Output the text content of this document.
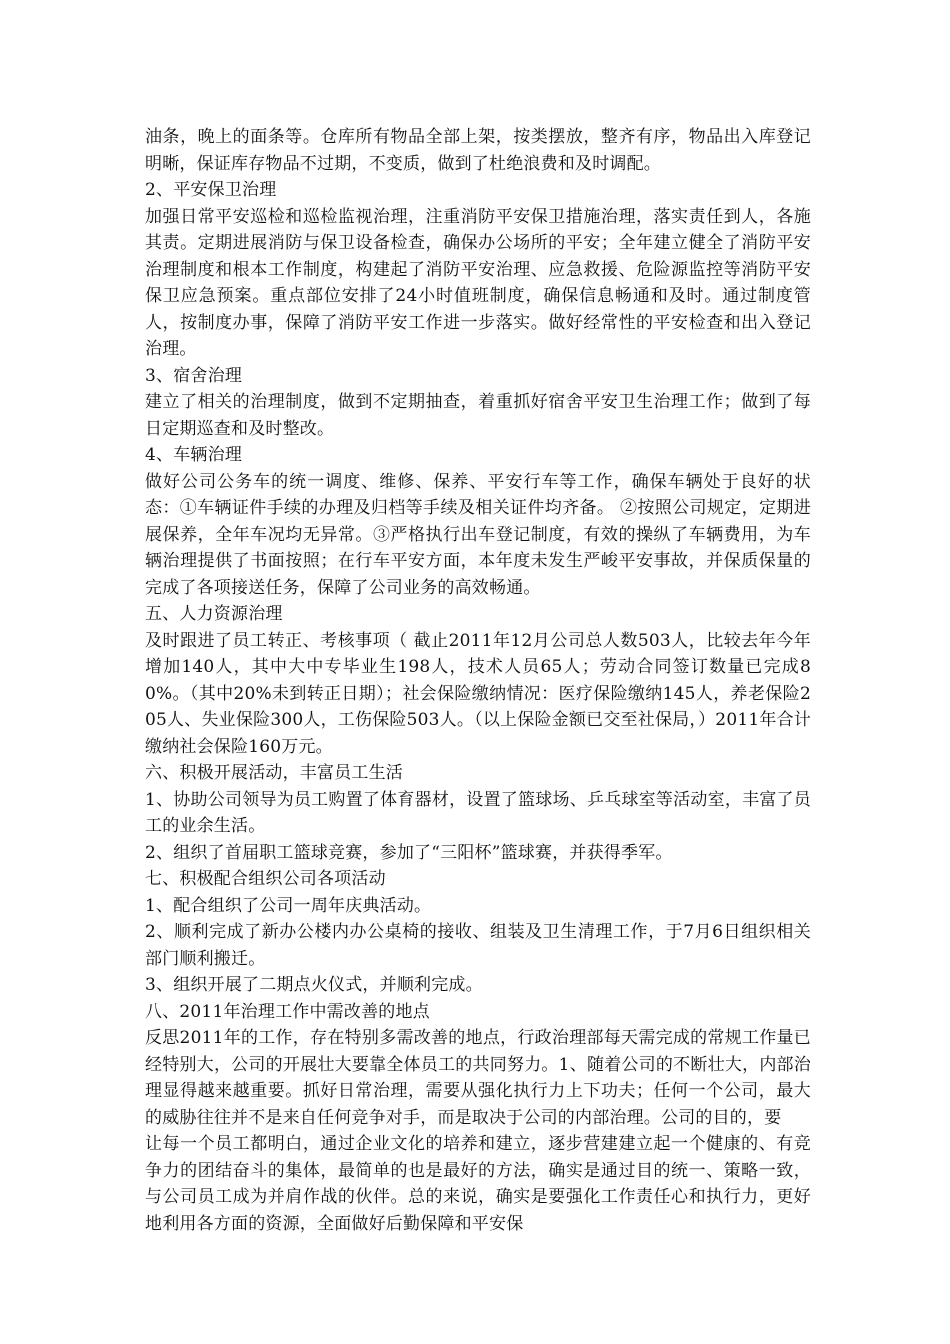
油条，晚上的面条等。仓库所有物品全部上架，按类摆放，整齐有序，物品出入库登记明晰，保证库存物品不过期，不变质，做到了杜绝浪费和及时调配。

2、平安保卫治理

加强日常平安巡检和巡检监视治理，注重消防平安保卫措施治理，落实责任到人，各施其责。定期进展消防与保卫设备检查，确保办公场所的平安；全年建立健全了消防平安治理制度和根本工作制度，构建起了消防平安治理、应急救援、危险源监控等消防平安保卫应急预案。重点部位安排了24小时值班制度，确保信息畅通和及时。通过制度管人，按制度办事，保障了消防平安工作进一步落实。做好经常性的平安检查和出入登记治理。

3、宿舍治理

建立了相关的治理制度，做到不定期抽查，着重抓好宿舍平安卫生治理工作；做到了每日定期巡查和及时整改。

4、车辆治理

做好公司公务车的统一调度、维修、保养、平安行车等工作，确保车辆处于良好的状态：①车辆证件手续的办理及归档等手续及相关证件均齐备。 ②按照公司规定，定期进展保养，全年车况均无异常。③严格执行出车登记制度，有效的操纵了车辆费用，为车辆治理提供了书面按照；在行车平安方面，本年度未发生严峻平安事故，并保质保量的完成了各项接送任务，保障了公司业务的高效畅通。

五、人力资源治理

及时跟进了员工转正、考核事项（ 截止2011年12月公司总人数503人，比较去年今年增加140人，其中大中专毕业生198人，技术人员65人；劳动合同签订数量已完成80%。（其中20%未到转正日期）；社会保险缴纳情况：医疗保险缴纳145人，养老保险205人、失业保险300人，工伤保险503人。（以上保险金额已交至社保局，）2011年合计缴纳社会保险160万元。

六、积极开展活动，丰富员工生活

1、协助公司领导为员工购置了体育器材，设置了篮球场、乒乓球室等活动室，丰富了员工的业余生活。

2、组织了首届职工篮球竞赛，参加了“三阳杯”篮球赛，并获得季军。

七、积极配合组织公司各项活动

1、配合组织了公司一周年庆典活动。

2、顺利完成了新办公楼内办公桌椅的接收、组装及卫生清理工作，于7月6日组织相关部门顺利搬迁。

3、组织开展了二期点火仪式，并顺利完成。

八、2011年治理工作中需改善的地点

反思2011年的工作，存在特别多需改善的地点，行政治理部每天需完成的常规工作量已经特别大，公司的开展壮大要靠全体员工的共同努力。1、随着公司的不断壮大，内部治理显得越来越重要。抓好日常治理，需要从强化执行力上下功夫；任何一个公司，最大的威胁往往并不是来自任何竞争对手，而是取决于公司的内部治理。公司的目的，要

让每一个员工都明白，通过企业文化的培养和建立，逐步营建建立起一个健康的、有竞争力的团结奋斗的集体，最简单的也是最好的方法，确实是通过目的统一、策略一致，与公司员工成为并肩作战的伙伴。总的来说，确实是要强化工作责任心和执行力，更好地利用各方面的资源，全面做好后勤保障和平安保
